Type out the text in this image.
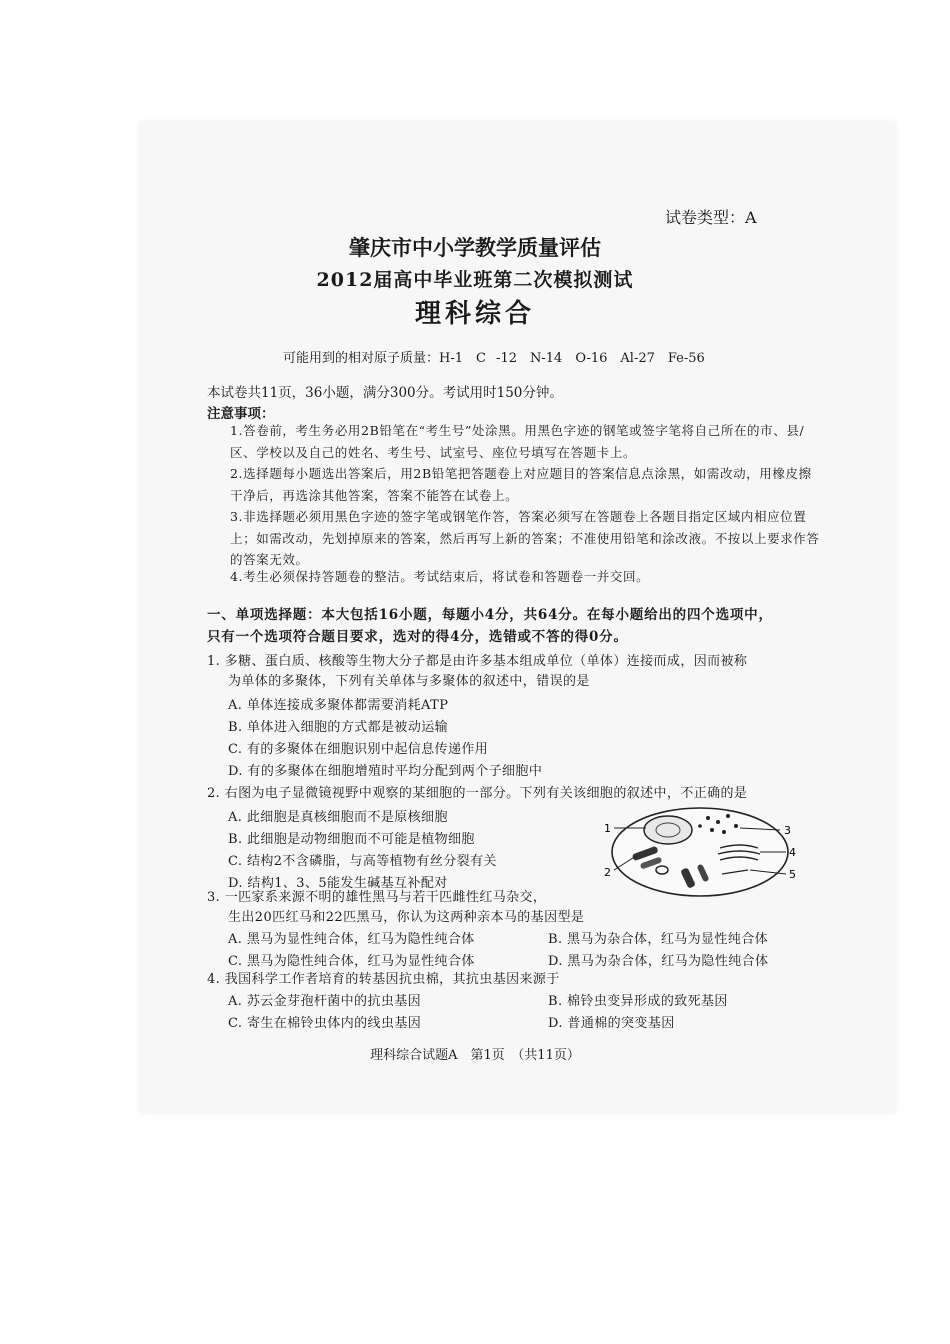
试卷类型：A
肇庆市中小学教学质量评估
2012届高中毕业班第二次模拟测试
理科综合
可能用到的相对原子质量：H-1　C -12　N-14　O-16　Al-27　Fe-56
本试卷共11页，36小题，满分300分。考试用时150分钟。
注意事项：
1.答卷前，考生务必用2B铅笔在“考生号”处涂黑。用黑色字迹的钢笔或签字笔将自己所在的市、县/区、学校以及自己的姓名、考生号、试室号、座位号填写在答题卡上。
2.选择题每小题选出答案后，用2B铅笔把答题卷上对应题目的答案信息点涂黑，如需改动，用橡皮擦干净后，再选涂其他答案，答案不能答在试卷上。
3.非选择题必须用黑色字迹的签字笔或钢笔作答，答案必须写在答题卷上各题目指定区域内相应位置上；如需改动，先划掉原来的答案，然后再写上新的答案；不准使用铅笔和涂改液。不按以上要求作答的答案无效。
4.考生必须保持答题卷的整洁。考试结束后，将试卷和答题卷一并交回。
一、单项选择题：本大包括16小题，每题小4分，共64分。在每小题给出的四个选项中，
只有一个选项符合题目要求，选对的得4分，选错或不答的得0分。
1. 多糖、蛋白质、核酸等生物大分子都是由许多基本组成单位（单体）连接而成，因而被称
为单体的多聚体，下列有关单体与多聚体的叙述中，错误的是
A. 单体连接成多聚体都需要消耗ATP
B. 单体进入细胞的方式都是被动运输
C. 有的多聚体在细胞识别中起信息传递作用
D. 有的多聚体在细胞增殖时平均分配到两个子细胞中
2. 右图为电子显微镜视野中观察的某细胞的一部分。下列有关该细胞的叙述中，不正确的是
A. 此细胞是真核细胞而不是原核细胞
B. 此细胞是动物细胞而不可能是植物细胞
C. 结构2不含磷脂，与高等植物有丝分裂有关
D. 结构1、3、5能发生碱基互补配对
1
2
3
4
5
3. 一匹家系来源不明的雄性黑马与若干匹雌性红马杂交，
生出20匹红马和22匹黑马，你认为这两种亲本马的基因型是
A. 黑马为显性纯合体，红马为隐性纯合体	B. 黑马为杂合体，红马为显性纯合体
C. 黑马为隐性纯合体，红马为显性纯合体	D. 黑马为杂合体，红马为隐性纯合体
4. 我国科学工作者培育的转基因抗虫棉，其抗虫基因来源于
A. 苏云金芽孢杆菌中的抗虫基因	B. 棉铃虫变异形成的致死基因
C. 寄生在棉铃虫体内的线虫基因	D. 普通棉的突变基因
理科综合试题A　第1页　（共11页）
